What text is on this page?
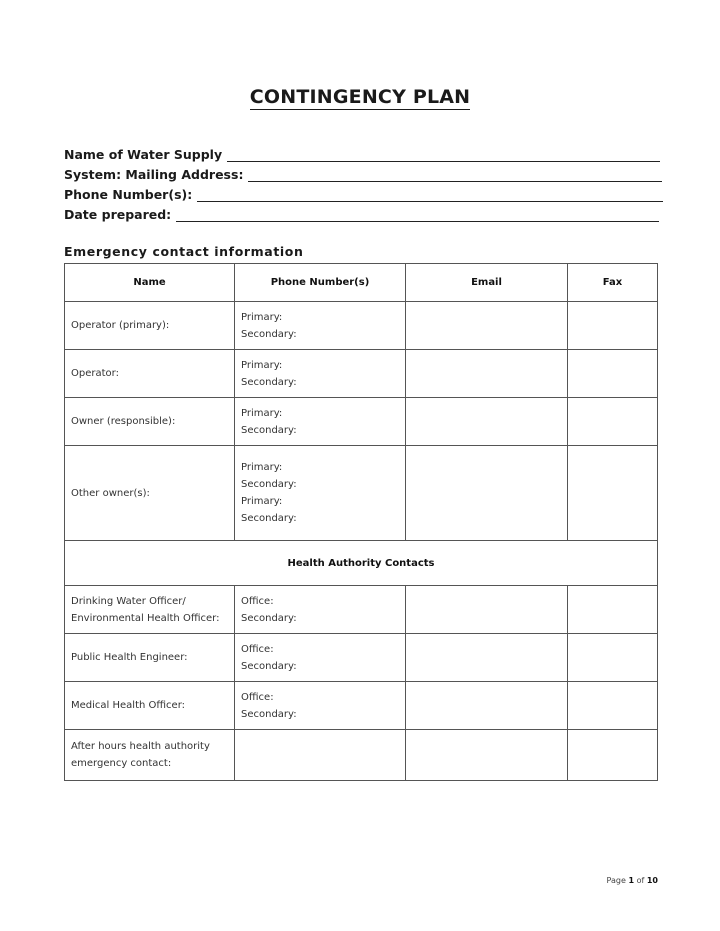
CONTINGENCY PLAN
Name of Water Supply
System: Mailing Address:
Phone Number(s):
Date prepared:
Emergency contact information
Name	Phone Number(s)	Email	Fax
Operator (primary):	Primary:
Secondary:		

Operator:	Primary:
Secondary:		

Owner (responsible):	Primary:
Secondary:		

Other owner(s):	Primary:
Secondary:
Primary:
Secondary:		

Health Authority Contacts			
Drinking Water Officer/ Environmental Health Officer:	Office:
Secondary:		

Public Health Engineer:	Office:
Secondary:		

Medical Health Officer:	Office:
Secondary:		

After hours health authority emergency contact:			
Page 1 of 10
